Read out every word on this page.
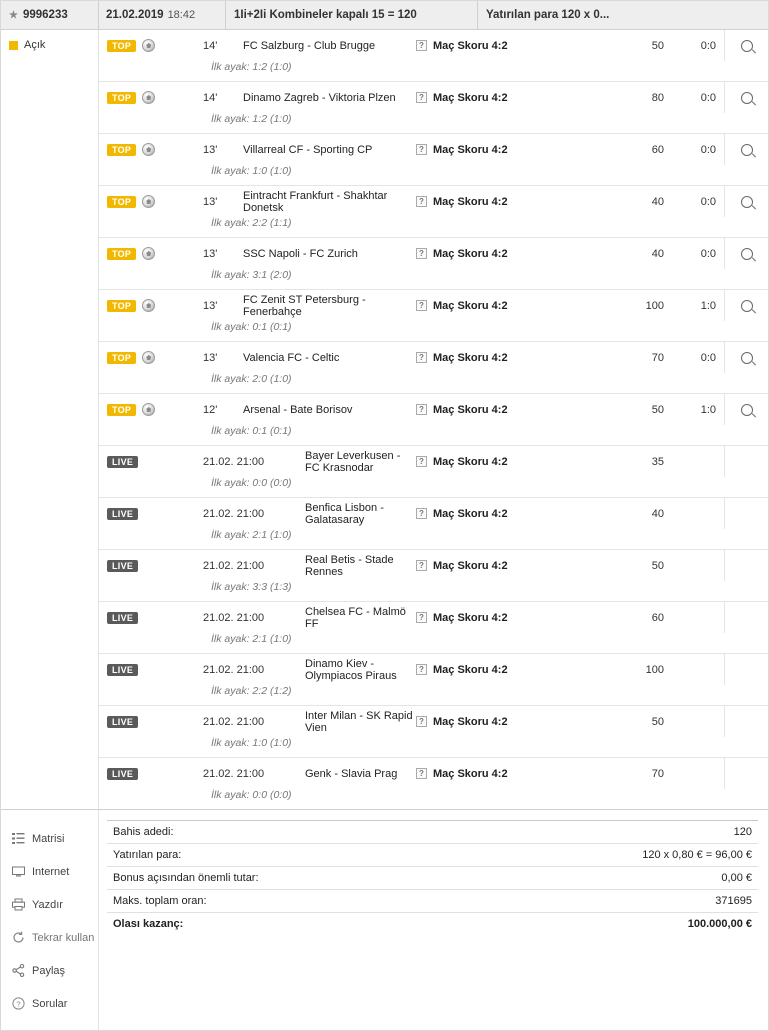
★ 9996233	21.02.2019 18:42	1Ii+2Ii Kombineler kapalı 15 = 120	Yatırılan para 120 x 0...
Açık	TOP	14'	FC Salzburg - Club Brugge	? Maç Skoru 4:2	50	0:0
İlk ayak: 1:2 (1:0)
TOP	14'	Dinamo Zagreb - Viktoria Plzen	? Maç Skoru 4:2	80	0:0
İlk ayak: 1:2 (1:0)
TOP	13'	Villarreal CF - Sporting CP	? Maç Skoru 4:2	60	0:0
İlk ayak: 1:0 (1:0)
TOP	13'	Eintracht Frankfurt - Shakhtar Donetsk	? Maç Skoru 4:2	40	0:0
İlk ayak: 2:2 (1:1)
TOP	13'	SSC Napoli - FC Zurich	? Maç Skoru 4:2	40	0:0
İlk ayak: 3:1 (2:0)
TOP	13'	FC Zenit ST Petersburg - Fenerbahçe	? Maç Skoru 4:2	100	1:0
İlk ayak: 0:1 (0:1)
TOP	13'	Valencia FC - Celtic	? Maç Skoru 4:2	70	0:0
İlk ayak: 2:0 (1:0)
TOP	12'	Arsenal - Bate Borisov	? Maç Skoru 4:2	50	1:0
İlk ayak: 0:1 (0:1)
LIVE	21.02. 21:00	Bayer Leverkusen - FC Krasnodar	? Maç Skoru 4:2	35
İlk ayak: 0:0 (0:0)
LIVE	21.02. 21:00	Benfica Lisbon - Galatasaray	? Maç Skoru 4:2	40
İlk ayak: 2:1 (1:0)
LIVE	21.02. 21:00	Real Betis - Stade Rennes	? Maç Skoru 4:2	50
İlk ayak: 3:3 (1:3)
LIVE	21.02. 21:00	Chelsea FC - Malmö FF	? Maç Skoru 4:2	60
İlk ayak: 2:1 (1:0)
LIVE	21.02. 21:00	Dinamo Kiev - Olympiacos Piraus	? Maç Skoru 4:2	100
İlk ayak: 2:2 (1:2)
LIVE	21.02. 21:00	Inter Milan - SK Rapid Vien	? Maç Skoru 4:2	50
İlk ayak: 1:0 (1:0)
LIVE	21.02. 21:00	Genk - Slavia Prag	? Maç Skoru 4:2	70
İlk ayak: 0:0 (0:0)
Matrisi
Internet
Yazdır
Tekrar kullan
Paylaş
? Sorular
Bahis adedi:	120
Yatırılan para:	120 x 0,80 € = 96,00 €
Bonus açısından önemli tutar:	0,00 €
Maks. toplam oran:	371695
Olası kazanç:	100.000,00 €
